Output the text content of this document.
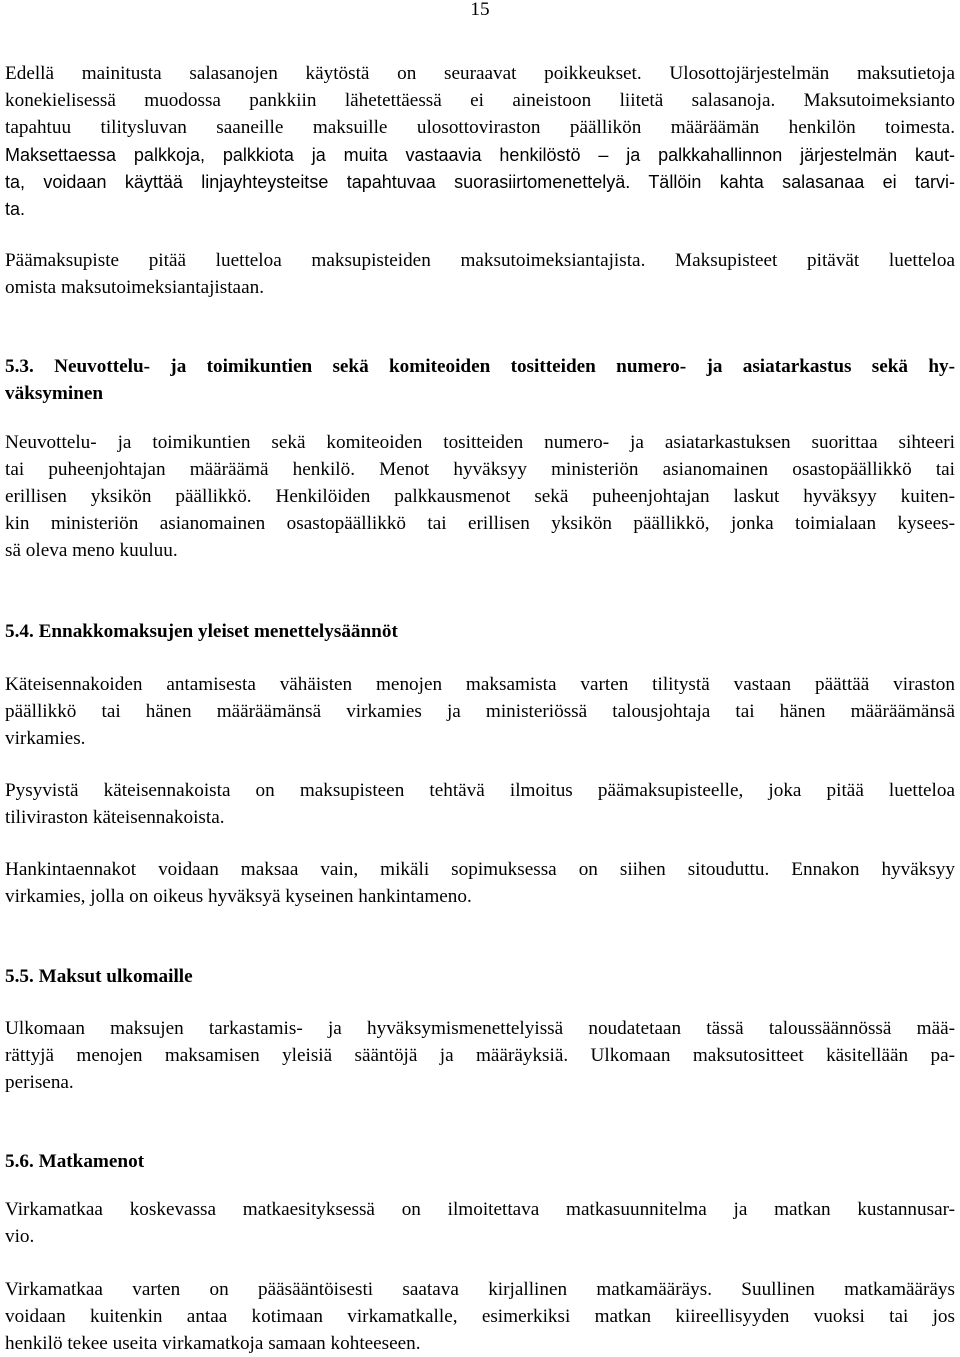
15
Edellä mainitusta salasanojen käytöstä on seuraavat poikkeukset. Ulosottojärjestelmän maksutietoja
konekielisessä muodossa pankkiin lähetettäessä ei aineistoon liitetä salasanoja. Maksutoimeksianto
tapahtuu tilitysluvan saaneille maksuille ulosottoviraston päällikön määräämän henkilön toimesta.
Maksettaessa palkkoja, palkkiota ja muita vastaavia henkilöstö – ja palkkahallinnon järjestelmän kaut-
ta, voidaan käyttää linjayhteysteitse tapahtuvaa suorasiirtomenettelyä. Tällöin kahta salasanaa ei tarvi-
ta.
Päämaksupiste pitää luetteloa maksupisteiden maksutoimeksiantajista. Maksupisteet pitävät luetteloa
omista maksutoimeksiantajistaan.
5.3. Neuvottelu- ja toimikuntien sekä komiteoiden tositteiden numero- ja asiatarkastus sekä hy-
väksyminen
Neuvottelu- ja toimikuntien sekä komiteoiden tositteiden numero- ja asiatarkastuksen suorittaa sihteeri
tai puheenjohtajan määräämä henkilö. Menot hyväksyy ministeriön asianomainen osastopäällikkö tai
erillisen yksikön päällikkö. Henkilöiden palkkausmenot sekä puheenjohtajan laskut hyväksyy kuiten-
kin ministeriön asianomainen osastopäällikkö tai erillisen yksikön päällikkö, jonka toimialaan kysees-
sä oleva meno kuuluu.
5.4. Ennakkomaksujen yleiset menettelysäännöt
Käteisennakoiden antamisesta vähäisten menojen maksamista varten tilitystä vastaan päättää viraston
päällikkö tai hänen määräämänsä virkamies ja ministeriössä talousjohtaja tai hänen määräämänsä
virkamies.
Pysyvistä käteisennakoista on maksupisteen tehtävä ilmoitus päämaksupisteelle, joka pitää luetteloa
tiliviraston käteisennakoista.
Hankintaennakot voidaan maksaa vain, mikäli sopimuksessa on siihen sitouduttu. Ennakon hyväksyy
virkamies, jolla on oikeus hyväksyä kyseinen hankintameno.
5.5. Maksut ulkomaille
Ulkomaan maksujen tarkastamis- ja hyväksymismenettelyissä noudatetaan tässä taloussäännössä mää-
rättyjä menojen maksamisen yleisiä sääntöjä ja määräyksiä. Ulkomaan maksutositteet käsitellään pa-
perisena.
5.6. Matkamenot
Virkamatkaa koskevassa matkaesityksessä on ilmoitettava matkasuunnitelma ja matkan kustannusar-
vio.
Virkamatkaa varten on pääsääntöisesti saatava kirjallinen matkamääräys. Suullinen matkamääräys
voidaan kuitenkin antaa kotimaan virkamatkalle, esimerkiksi matkan kiireellisyyden vuoksi tai jos
henkilö tekee useita virkamatkoja samaan kohteeseen.
